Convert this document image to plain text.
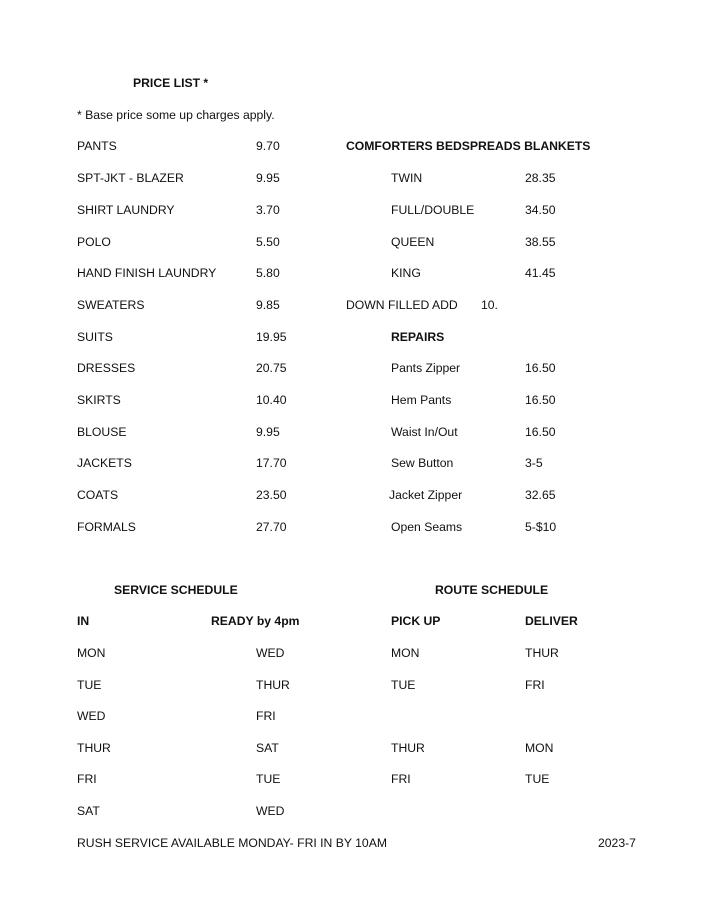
PRICE LIST *
* Base price some up charges apply.
PANTS	9.70
SPT-JKT - BLAZER	9.95
SHIRT LAUNDRY	3.70
POLO	5.50
HAND FINISH LAUNDRY	5.80
SWEATERS	9.85
SUITS	19.95
DRESSES	20.75
SKIRTS	10.40
BLOUSE	9.95
JACKETS	17.70
COATS	23.50
FORMALS	27.70
COMFORTERS BEDSPREADS BLANKETS
TWIN	28.35
FULL/DOUBLE	34.50
QUEEN	38.55
KING	41.45
DOWN FILLED ADD 10.
REPAIRS
Pants Zipper	16.50
Hem Pants	16.50
Waist In/Out	16.50
Sew Button	3-5
Jacket Zipper	32.65
Open Seams	5-$10
SERVICE SCHEDULE
IN	READY by 4pm
MON	WED
TUE	THUR
WED	FRI
THUR	SAT
FRI	TUE
SAT	WED
ROUTE SCHEDULE
PICK UP	DELIVER
MON	THUR
TUE	FRI
THUR	MON
FRI	TUE
RUSH SERVICE AVAILABLE MONDAY- FRI IN BY 10AM	2023-7
